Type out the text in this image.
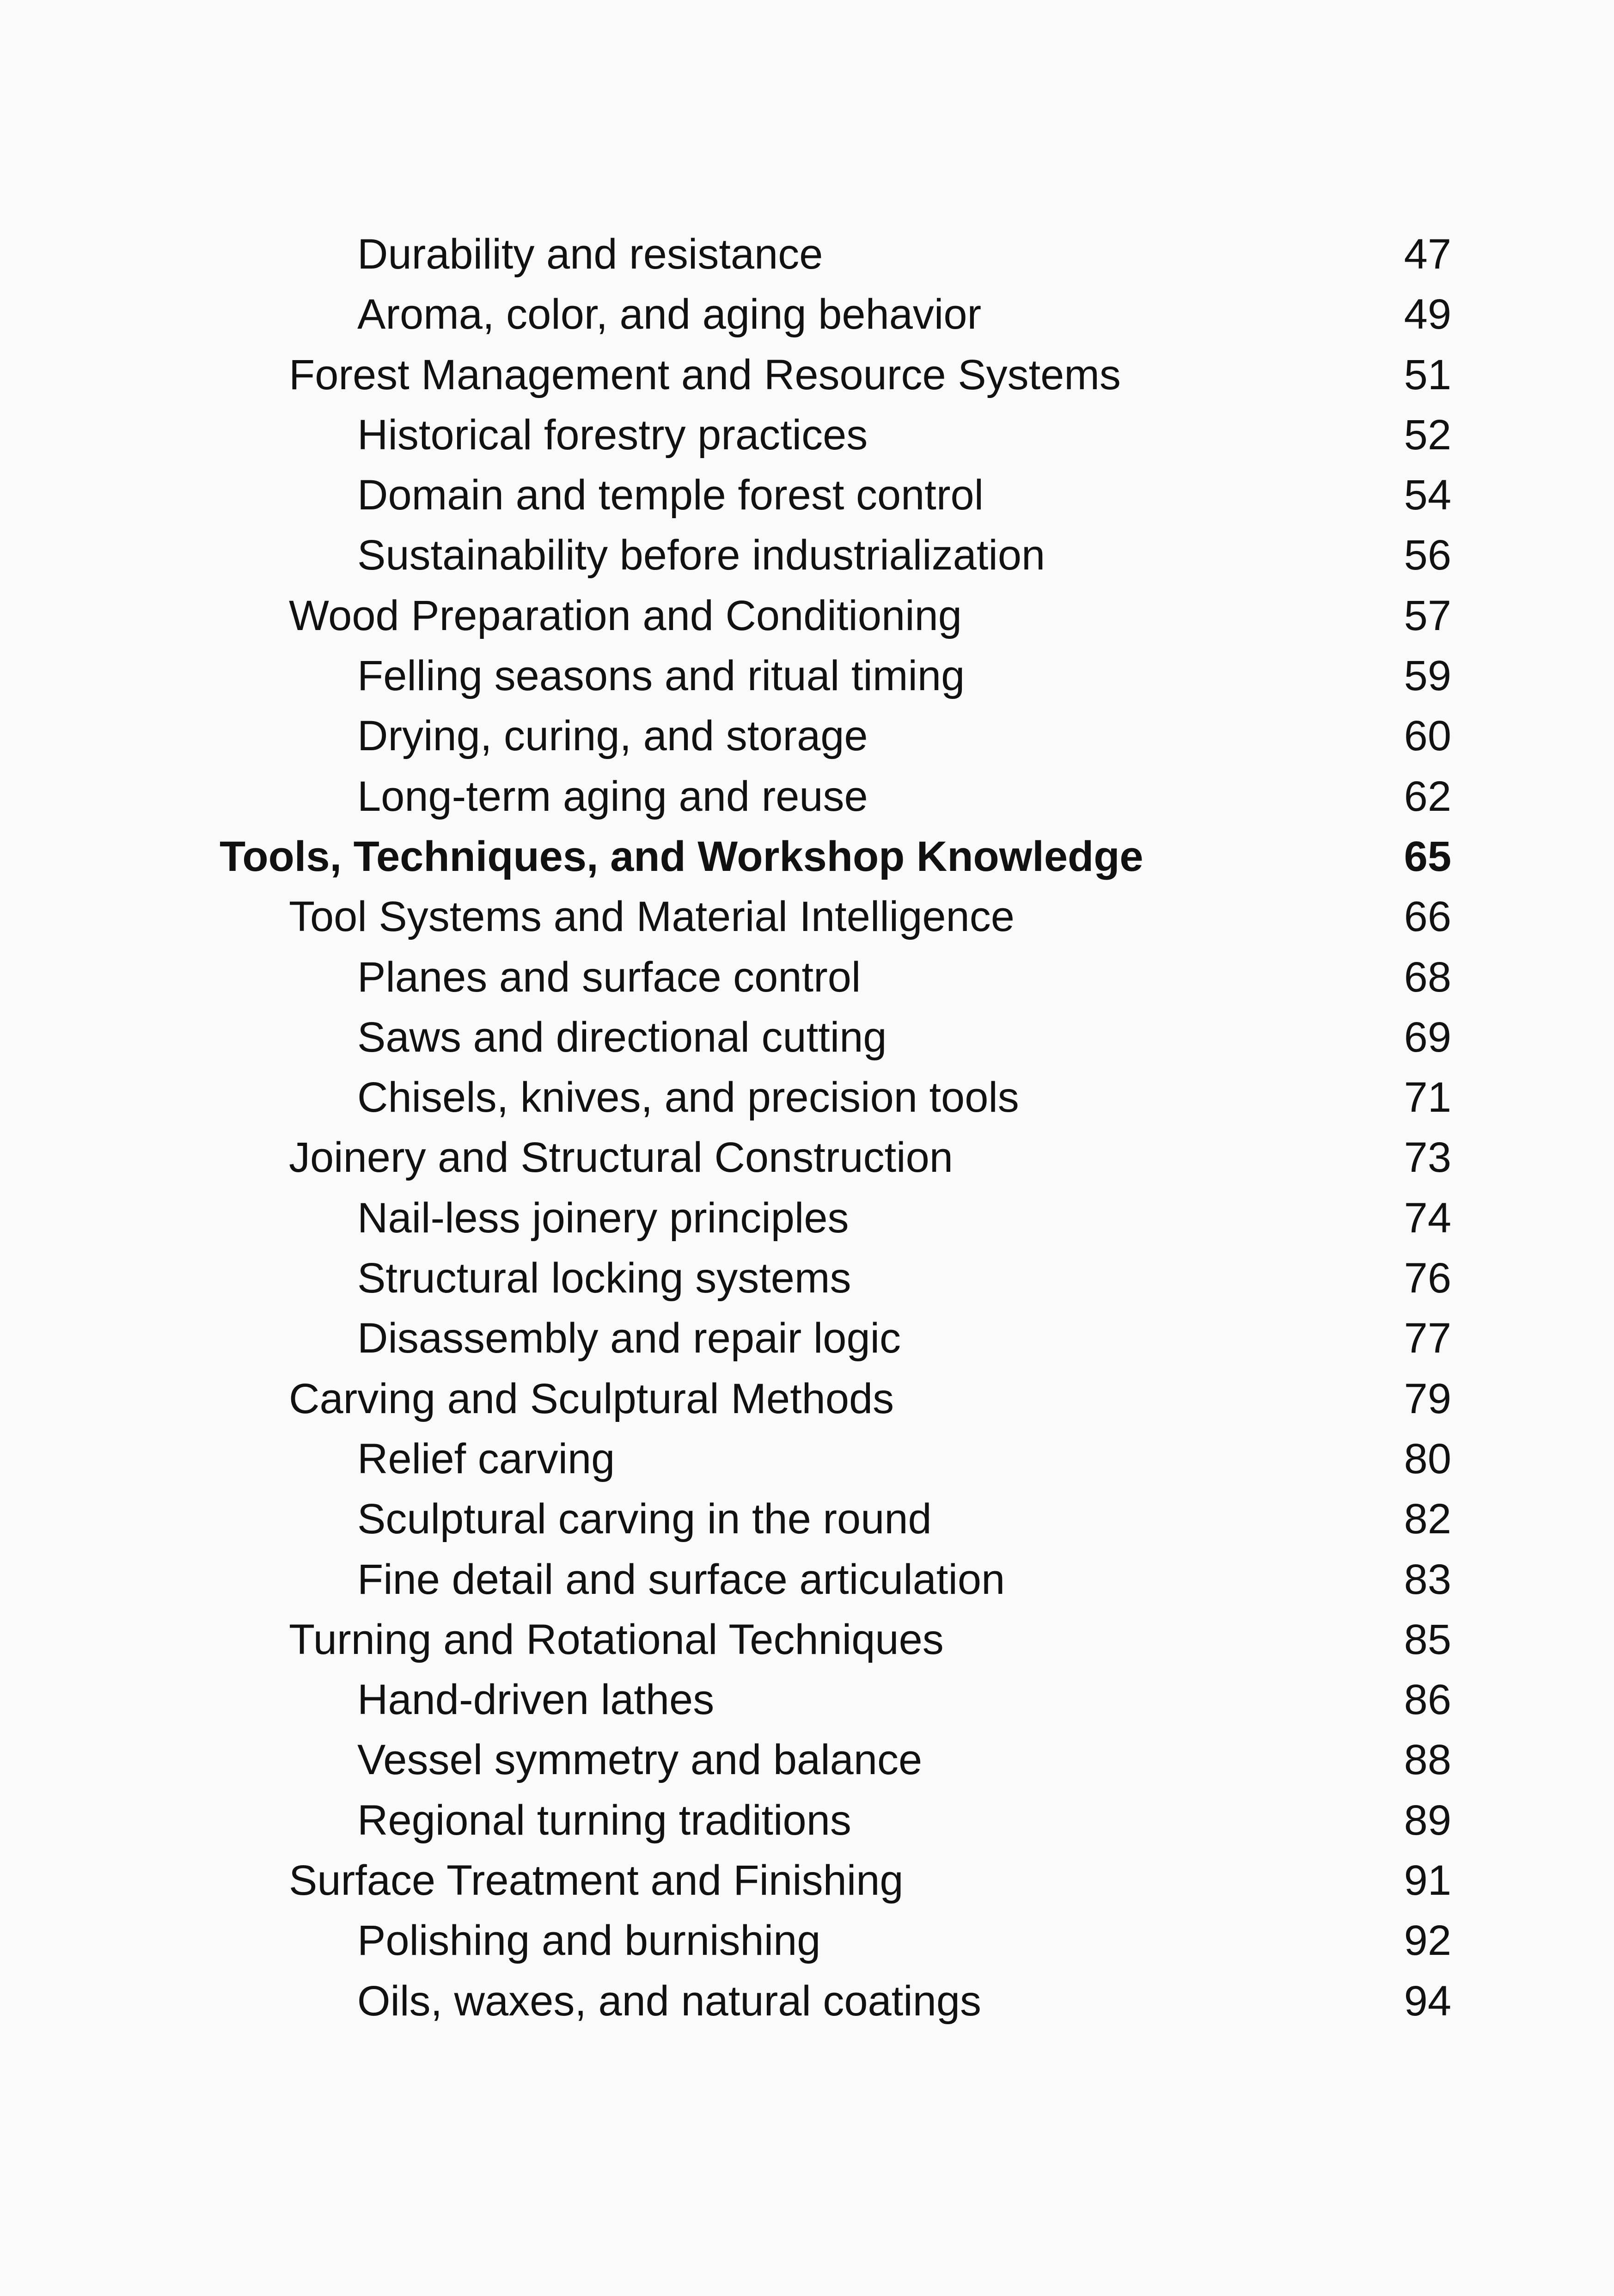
Durability and resistance	47
Aroma, color, and aging behavior	49
Forest Management and Resource Systems	51
Historical forestry practices	52
Domain and temple forest control	54
Sustainability before industrialization	56
Wood Preparation and Conditioning	57
Felling seasons and ritual timing	59
Drying, curing, and storage	60
Long-term aging and reuse	62
Tools, Techniques, and Workshop Knowledge	65
Tool Systems and Material Intelligence	66
Planes and surface control	68
Saws and directional cutting	69
Chisels, knives, and precision tools	71
Joinery and Structural Construction	73
Nail-less joinery principles	74
Structural locking systems	76
Disassembly and repair logic	77
Carving and Sculptural Methods	79
Relief carving	80
Sculptural carving in the round	82
Fine detail and surface articulation	83
Turning and Rotational Techniques	85
Hand-driven lathes	86
Vessel symmetry and balance	88
Regional turning traditions	89
Surface Treatment and Finishing	91
Polishing and burnishing	92
Oils, waxes, and natural coatings	94
